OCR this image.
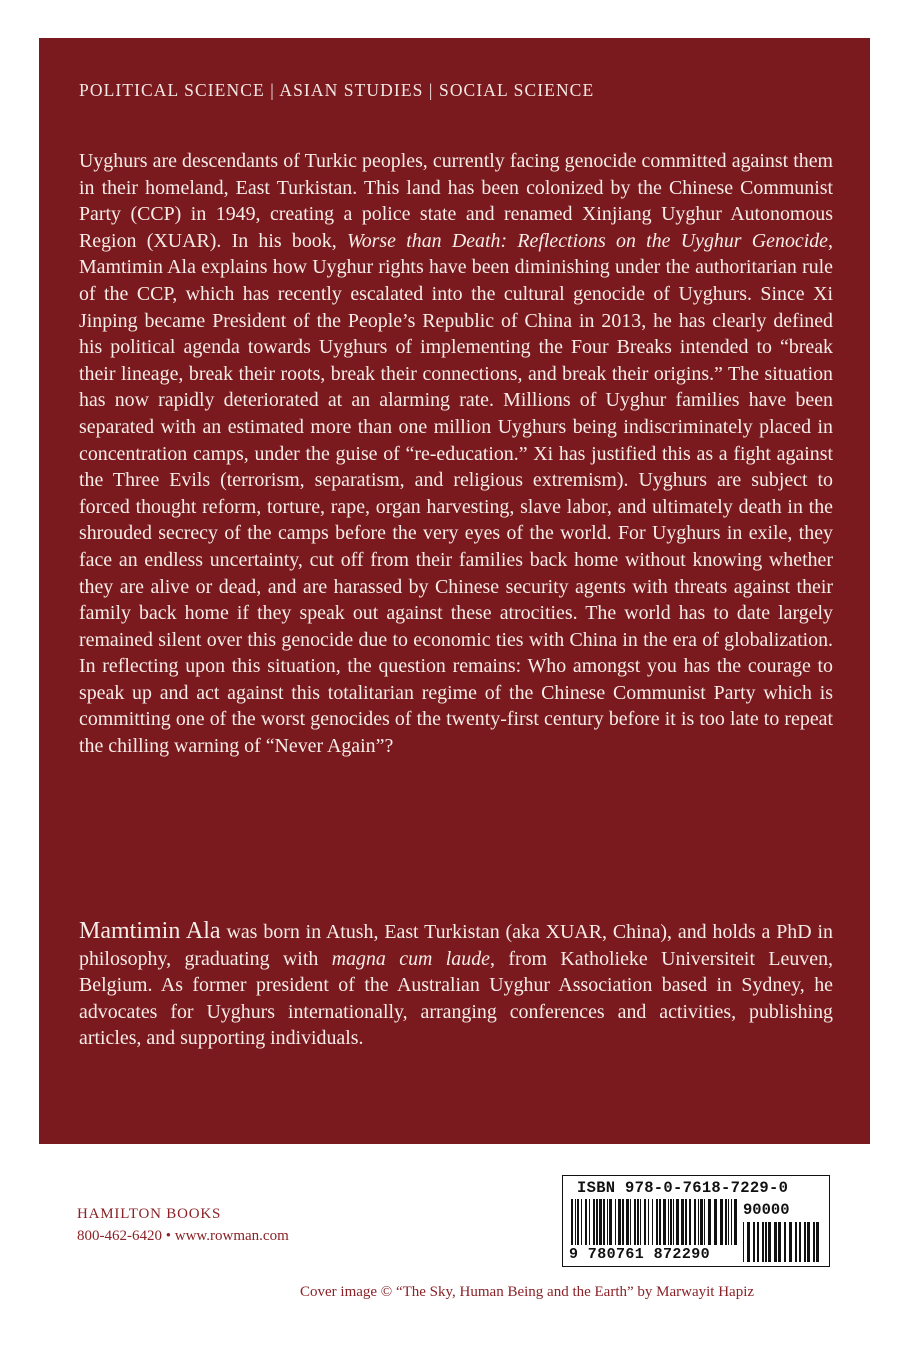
POLITICAL SCIENCE | ASIAN STUDIES | SOCIAL SCIENCE

Uyghurs are descendants of Turkic peoples, currently facing genocide committed against them in their homeland, East Turkistan. This land has been colonized by the Chinese Communist Party (CCP) in 1949, creating a police state and renamed Xinjiang Uyghur Autonomous Region (XUAR). In his book, Worse than Death: Reflections on the Uyghur Genocide, Mamtimin Ala explains how Uyghur rights have been diminishing under the authoritarian rule of the CCP, which has recently escalated into the cultural genocide of Uyghurs. Since Xi Jinping became President of the People’s Republic of China in 2013, he has clearly defined his political agenda towards Uyghurs of implementing the Four Breaks intended to “break their lineage, break their roots, break their connections, and break their origins.” The situation has now rapidly deteriorated at an alarming rate. Millions of Uyghur families have been separated with an estimated more than one million Uyghurs being indiscriminately placed in concentration camps, under the guise of “re-education.” Xi has justified this as a fight against the Three Evils (terrorism, separatism, and religious extremism). Uyghurs are subject to forced thought reform, torture, rape, organ harvesting, slave labor, and ultimately death in the shrouded secrecy of the camps before the very eyes of the world. For Uyghurs in exile, they face an endless uncertainty, cut off from their families back home without knowing whether they are alive or dead, and are harassed by Chinese security agents with threats against their family back home if they speak out against these atrocities. The world has to date largely remained silent over this genocide due to economic ties with China in the era of globalization. In reflecting upon this situation, the question remains: Who amongst you has the courage to speak up and act against this totalitarian regime of the Chinese Communist Party which is committing one of the worst genocides of the twenty-first century before it is too late to repeat the chilling warning of “Never Again”?

Mamtimin Ala was born in Atush, East Turkistan (aka XUAR, China), and holds a PhD in philosophy, graduating with magna cum laude, from Katholieke Universiteit Leuven, Belgium. As former president of the Australian Uyghur Association based in Sydney, he advocates for Uyghurs internationally, arranging conferences and activities, publishing articles, and supporting individuals.

HAMILTON BOOKS
800-462-6420 • www.rowman.com
ISBN 978-0-7618-7229-0
90000
9 780761 872290
Cover image © “The Sky, Human Being and the Earth” by Marwayit Hapiz
